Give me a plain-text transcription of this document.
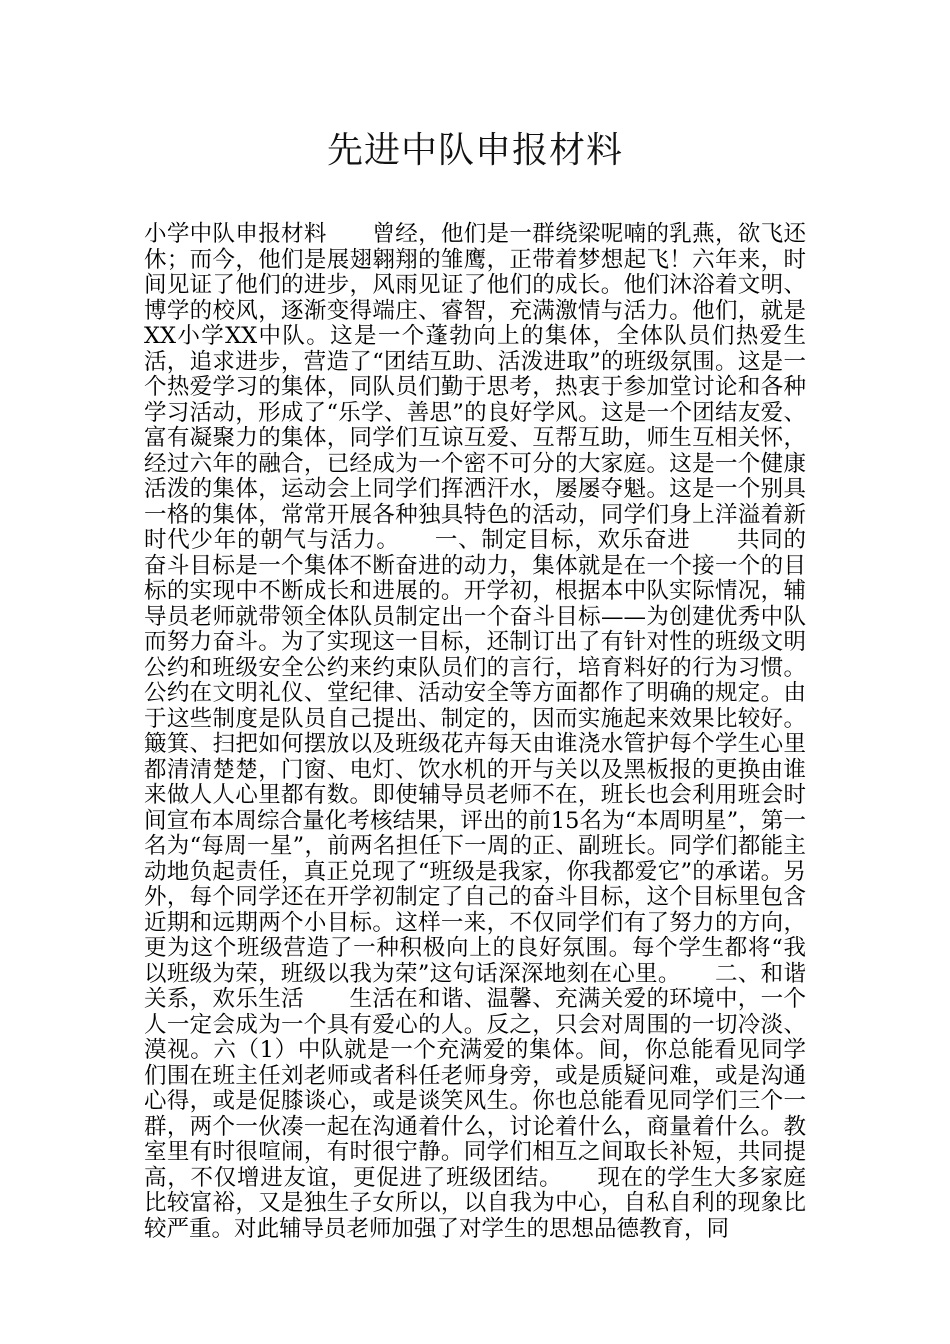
先进中队申报材料

小学中队申报材料　　曾经，他们是一群绕梁呢喃的乳燕，欲飞还休；而今，他们是展翅翱翔的雏鹰，正带着梦想起飞！六年来，时间见证了他们的进步，风雨见证了他们的成长。他们沐浴着文明、博学的校风，逐渐变得端庄、睿智，充满激情与活力。他们，就是XX小学XX中队。这是一个蓬勃向上的集体，全体队员们热爱生活，追求进步，营造了“团结互助、活泼进取”的班级氛围。这是一个热爱学习的集体，同队员们勤于思考，热衷于参加堂讨论和各种学习活动，形成了“乐学、善思”的良好学风。这是一个团结友爱、富有凝聚力的集体，同学们互谅互爱、互帮互助，师生互相关怀，经过六年的融合，已经成为一个密不可分的大家庭。这是一个健康活泼的集体，运动会上同学们挥洒汗水，屡屡夺魁。这是一个别具一格的集体，常常开展各种独具特色的活动，同学们身上洋溢着新时代少年的朝气与活力。　　一、制定目标，欢乐奋进　　共同的奋斗目标是一个集体不断奋进的动力，集体就是在一个接一个的目标的实现中不断成长和进展的。开学初，根据本中队实际情况，辅导员老师就带领全体队员制定出一个奋斗目标——为创建优秀中队而努力奋斗。为了实现这一目标，还制订出了有针对性的班级文明公约和班级安全公约来约束队员们的言行，培育料好的行为习惯。公约在文明礼仪、堂纪律、活动安全等方面都作了明确的规定。由于这些制度是队员自己提出、制定的，因而实施起来效果比较好。簸箕、扫把如何摆放以及班级花卉每天由谁浇水管护每个学生心里都清清楚楚，门窗、电灯、饮水机的开与关以及黑板报的更换由谁来做人人心里都有数。即使辅导员老师不在，班长也会利用班会时间宣布本周综合量化考核结果，评出的前15名为“本周明星”，第一名为“每周一星”，前两名担任下一周的正、副班长。同学们都能主动地负起责任，真正兑现了“班级是我家，你我都爱它”的承诺。另外，每个同学还在开学初制定了自己的奋斗目标，这个目标里包含近期和远期两个小目标。这样一来，不仅同学们有了努力的方向，更为这个班级营造了一种积极向上的良好氛围。每个学生都将“我以班级为荣，班级以我为荣”这句话深深地刻在心里。　　二、和谐关系，欢乐生活　　生活在和谐、温馨、充满关爱的环境中，一个人一定会成为一个具有爱心的人。反之，只会对周围的一切冷淡、漠视。六（1）中队就是一个充满爱的集体。间，你总能看见同学们围在班主任刘老师或者科任老师身旁，或是质疑问难，或是沟通心得，或是促膝谈心，或是谈笑风生。你也总能看见同学们三个一群，两个一伙凑一起在沟通着什么，讨论着什么，商量着什么。教室里有时很喧闹，有时很宁静。同学们相互之间取长补短，共同提高，不仅增进友谊，更促进了班级团结。　　现在的学生大多家庭比较富裕，又是独生子女所以，以自我为中心，自私自利的现象比较严重。对此辅导员老师加强了对学生的思想品德教育，同
